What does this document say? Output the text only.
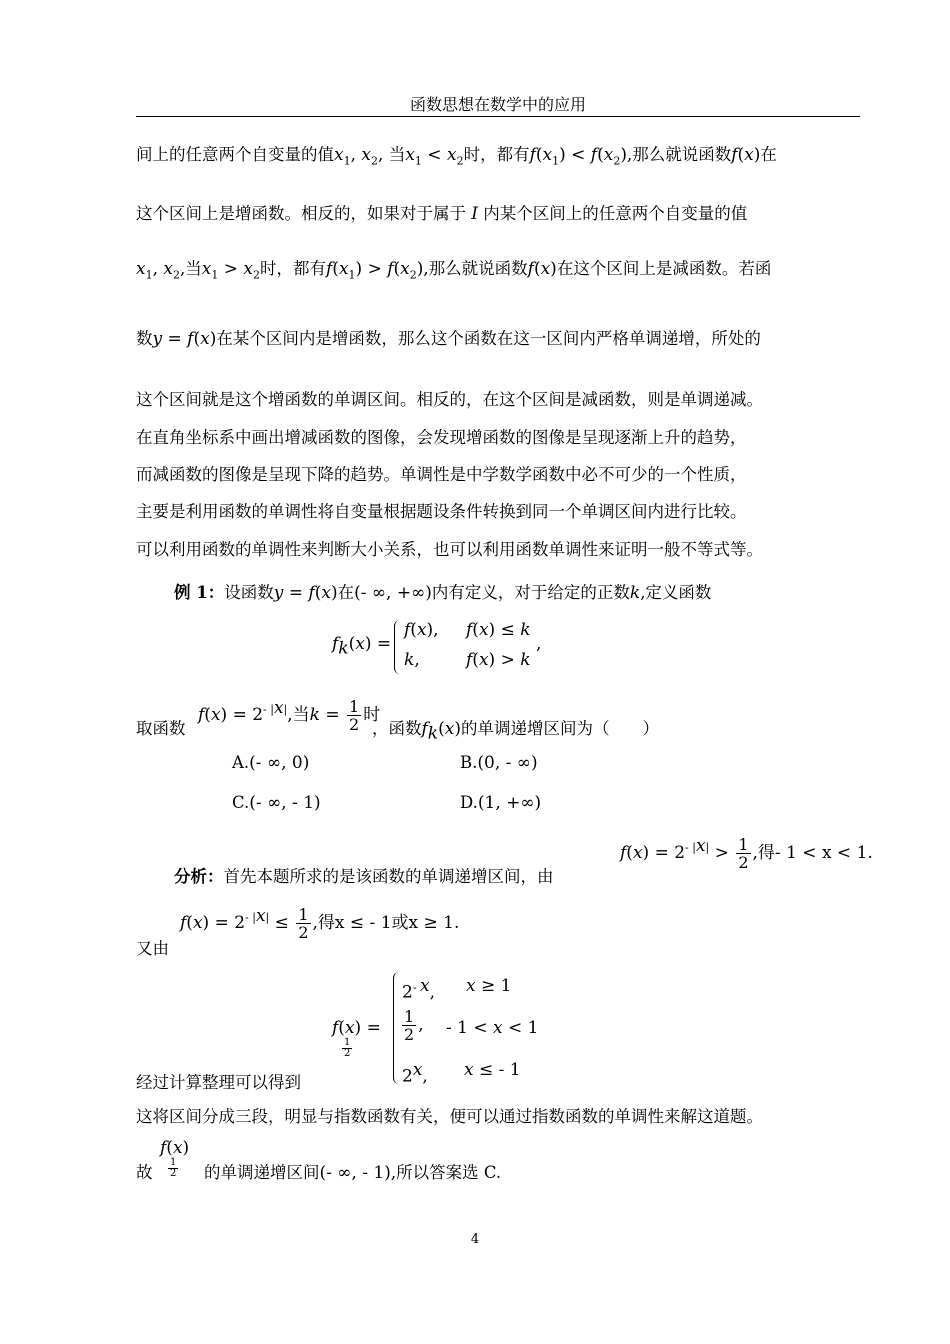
函数思想在数学中的应用
间上的任意两个自变量的值$x_1$, $x_2$, 当$x_1 < x_2$时，都有$f(x_1) < f(x_2)$,那么就说函数f(x)在
这个区间上是增函数。相反的，如果对于属于 I 内某个区间上的任意两个自变量的值
$x_1$, $x_2$,当$x_1 > x_2$时，都有$f(x_1) > f(x_2)$,那么就说函数f(x)在这个区间上是减函数。若函
数y = f(x)在某个区间内是增函数，那么这个函数在这一区间内严格单调递增，所处的
这个区间就是这个增函数的单调区间。相反的，在这个区间是减函数，则是单调递减。
在直角坐标系中画出增减函数的图像，会发现增函数的图像是呈现逐渐上升的趋势，
而减函数的图像是呈现下降的趋势。单调性是中学数学函数中必不可少的一个性质，
主要是利用函数的单调性将自变量根据题设条件转换到同一个单调区间内进行比较。
可以利用函数的单调性来判断大小关系，也可以利用函数单调性来证明一般不等式等。
例 1：设函数y = f(x)在(- ∞, +∞)内有定义，对于给定的正数k,定义函数
$f_k(x)$ =
f(x), f(x) ≤ k
k,	f(x) > k
,
$f(x) = 2^{- |x|}$,当$k = \frac{1}{2}$ 时
取函数	，函数$f_k(x)$的单调递增区间为（　　）
A.(- ∞, 0)	B.(0, - ∞)
C.(- ∞, - 1)	D.(1, +∞)
分析：首先本题所求的是该函数的单调递增区间，由
$f(x) = 2^{- |x|} > \frac{1}{2}$ ,得- 1 < x < 1.
$f(x) = 2^{- |x|} \le \frac{1}{2}$ ,得x ≤ - 1或x ≥ 1.
又由
f(x) =
$\frac{1}{2}$
$2^{- x}$, x ≥ 1
$\frac{1}{2}$ , - 1 < x < 1
2$^x$, x ≤ - 1
经过计算整理可以得到
这将区间分成三段，明显与指数函数有关，便可以通过指数函数的单调性来解这道题。
f(x)
$\frac{1}{2}$
故	的单调递增区间(- ∞, - 1),所以答案选 C.
4
